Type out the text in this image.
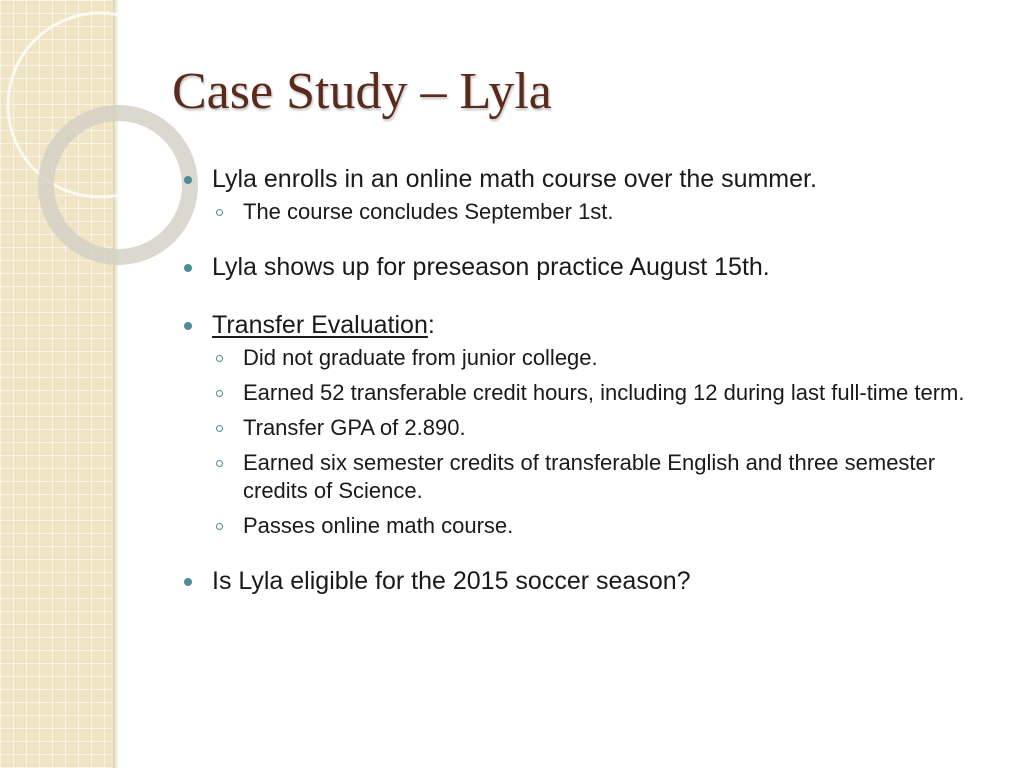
Case Study – Lyla
Lyla enrolls in an online math course over the summer.
The course concludes September 1st.
Lyla shows up for preseason practice August 15th.
Transfer Evaluation:
Did not graduate from junior college.
Earned 52 transferable credit hours, including 12 during last full-time term.
Transfer GPA of 2.890.
Earned six semester credits of transferable English and three semester credits of Science.
Passes online math course.
Is Lyla eligible for the 2015 soccer season?
